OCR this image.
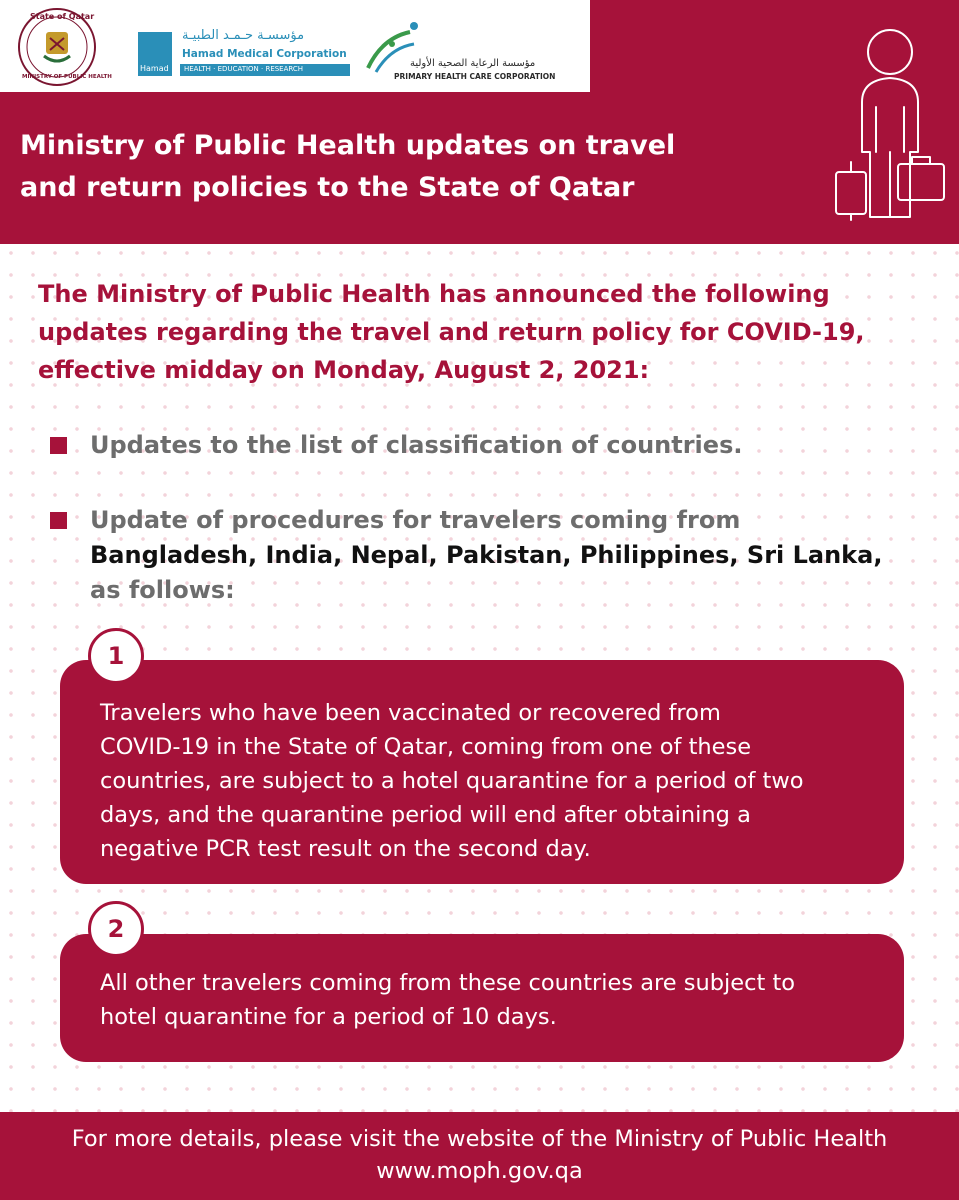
State of Qatar
MINISTRY OF PUBLIC HEALTH
Hamad
مؤسسـة حـمـد الطبيـة
Hamad Medical Corporation
HEALTH · EDUCATION · RESEARCH	مؤسسة الرعاية الصحية الأولية
PRIMARY HEALTH CARE CORPORATION
Ministry of Public Health updates on travel
and return policies to the State of Qatar

The Ministry of Public Health has announced the following
updates regarding the travel and return policy for COVID-19,
effective midday on Monday, August 2, 2021:

Updates to the list of classification of countries.

Update of procedures for travelers coming from
Bangladesh, India, Nepal, Pakistan, Philippines, Sri Lanka,
as follows:

Travelers who have been vaccinated or recovered from
COVID-19 in the State of Qatar, coming from one of these
countries, are subject to a hotel quarantine for a period of two
days, and the quarantine period will end after obtaining a
negative PCR test result on the second day.

1

All other travelers coming from these countries are subject to
hotel quarantine for a period of 10 days.

2

For more details, please visit the website of the Ministry of Public Health

www.moph.gov.qa
